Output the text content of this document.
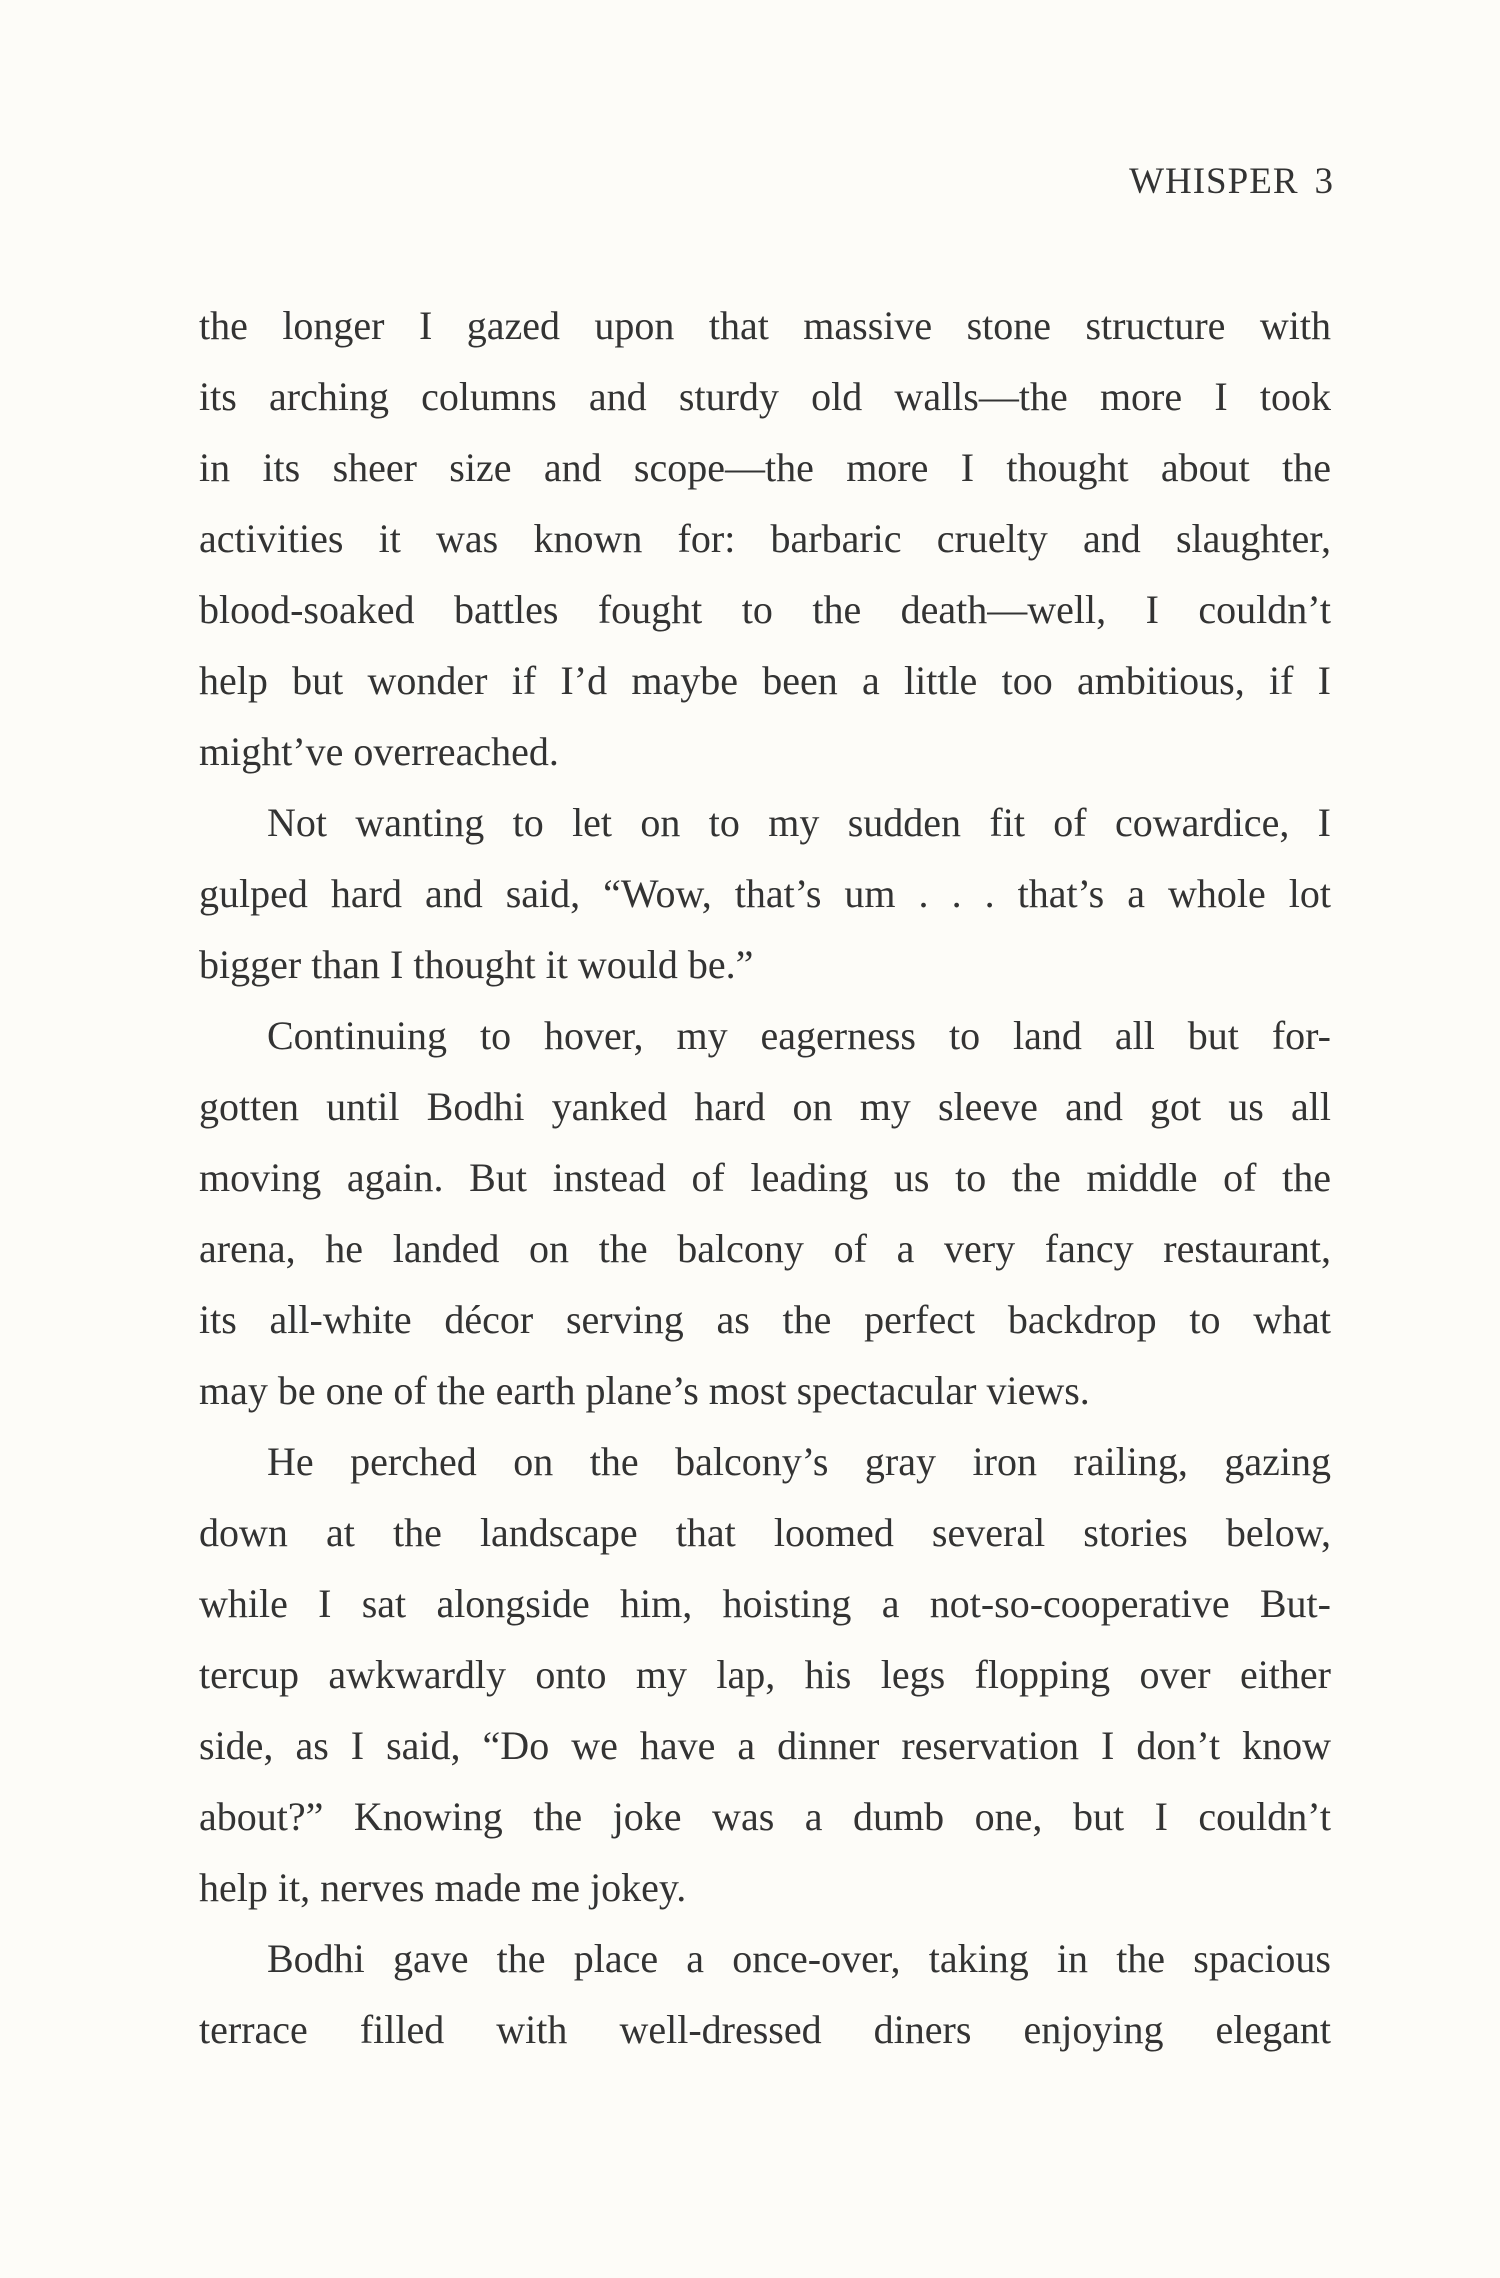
WHISPER 3

the longer I gazed upon that massive stone structure with
its arching columns and sturdy old walls—the more I took
in its sheer size and scope—the more I thought about the
activities it was known for: barbaric cruelty and slaughter,
blood-soaked battles fought to the death—well, I couldn’t
help but wonder if I’d maybe been a little too ambitious, if I
might’ve overreached.

Not wanting to let on to my sudden fit of cowardice, I
gulped hard and said, “Wow, that’s um . . . that’s a whole lot
bigger than I thought it would be.”

Continuing to hover, my eagerness to land all but for-
gotten until Bodhi yanked hard on my sleeve and got us all
moving again. But instead of leading us to the middle of the
arena, he landed on the balcony of a very fancy restaurant,
its all-white décor serving as the perfect backdrop to what
may be one of the earth plane’s most spectacular views.

He perched on the balcony’s gray iron railing, gazing
down at the landscape that loomed several stories below,
while I sat alongside him, hoisting a not-so-cooperative But-
tercup awkwardly onto my lap, his legs flopping over either
side, as I said, “Do we have a dinner reservation I don’t know
about?” Knowing the joke was a dumb one, but I couldn’t
help it, nerves made me jokey.

Bodhi gave the place a once-over, taking in the spacious
terrace filled with well-dressed diners enjoying elegant
